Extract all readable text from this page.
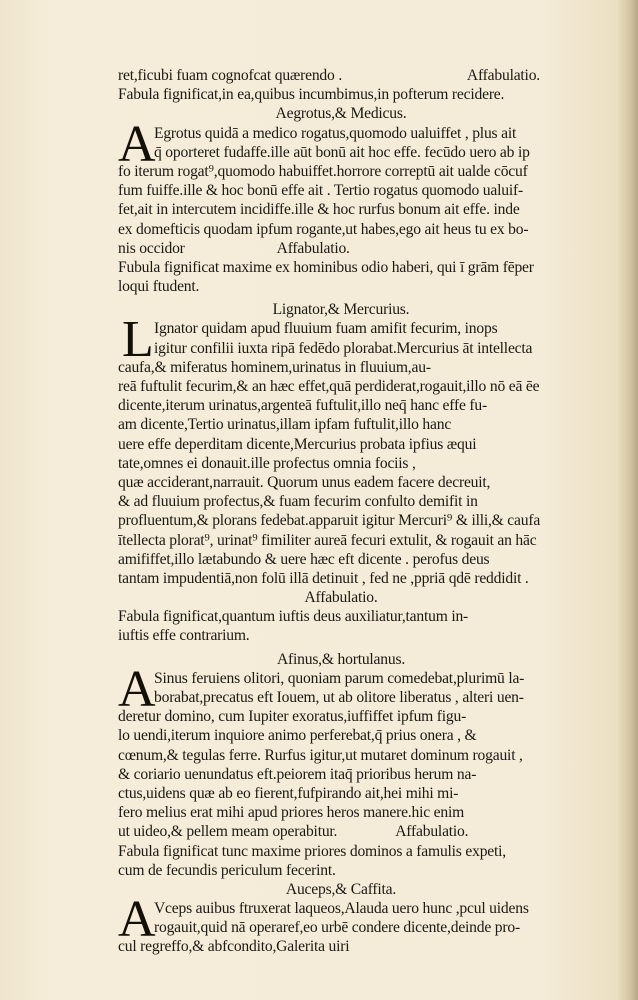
ret,ficubi fuam cognofcat quærendo .	Affabulatio.
Fabula fignificat,in ea,quibus incumbimus,in pofterum recidere.
Aegrotus,& Medicus.
A
Egrotus quidā a medico rogatus,quomodo ualuiffet , plus ait
q̄ oporteret fudaffe.ille aūt bonū ait hoc effe. fecūdo uero ab ip
fo iterum rogat⁹,quomodo habuiffet.horrore correptū ait ualde cōcuf
fum fuiffe.ille & hoc bonū effe ait . Tertio rogatus quomodo ualuif-
fet,ait in intercutem incidiffe.ille & hoc rurfus bonum ait effe. inde
ex domefticis quodam ipfum rogante,ut habes,ego ait heus tu ex bo-
nis occidor	Affabulatio.
Fubula fignificat maxime ex hominibus odio haberi, qui ī grām fēper
loqui ftudent.
Lignator,& Mercurius.
L Ignator quidam apud fluuium fuam amifit fecurim, inops
igitur confilii iuxta ripā fedēdo plorabat.Mercurius āt intellecta
caufa,& miferatus hominem,urinatus in fluuium,au-
reā fuftulit fecurim,& an hæc effet,quā perdiderat,rogauit,illo nō eā ēe
dicente,iterum urinatus,argenteā fuftulit,illo neq̄ hanc effe fu-
am dicente,Tertio urinatus,illam ipfam fuftulit,illo hanc
uere effe deperditam dicente,Mercurius probata ipfius æqui
tate,omnes ei donauit.ille profectus omnia fociis ,
quæ acciderant,narrauit. Quorum unus eadem facere decreuit,
& ad fluuium profectus,& fuam fecurim confulto demifit in
profluentum,& plorans fedebat.apparuit igitur Mercuri⁹ & illi,& caufa
ītellecta plorat⁹, urinat⁹ fimiliter aureā fecuri extulit, & rogauit an hāc
amififfet,illo lætabundo & uere hæc eft dicente . perofus deus
tantam impudentiā,non folū illā detinuit , fed ne ,ppriā qdē reddidit .
Affabulatio.
Fabula fignificat,quantum iuftis deus auxiliatur,tantum in-
iuftis effe contrarium.
Afinus,& hortulanus.
A
Sinus feruiens olitori, quoniam parum comedebat,plurimū la-
borabat,precatus eft Iouem, ut ab olitore liberatus , alteri uen-
deretur domino, cum Iupiter exoratus,iuffiffet ipfum figu-
lo uendi,iterum inquiore animo perferebat,q̄ prius onera , &
cœnum,& tegulas ferre. Rurfus igitur,ut mutaret dominum rogauit ,
& coriario uenundatus eft.peiorem itaq̄ prioribus herum na-
ctus,uidens quæ ab eo fierent,fufpirando ait,hei mihi mi-
fero melius erat mihi apud priores heros manere.hic enim
ut uideo,& pellem meam operabitur.	Affabulatio.
Fabula fignificat tunc maxime priores dominos a famulis expeti,
cum de fecundis periculum fecerint.
Auceps,& Caffita.
A
Vceps auibus ftruxerat laqueos,Alauda uero hunc ,pcul uidens
rogauit,quid nā operaref,eo urbē condere dicente,deinde pro-
cul regreffo,& abfcondito,Galerita uiri
